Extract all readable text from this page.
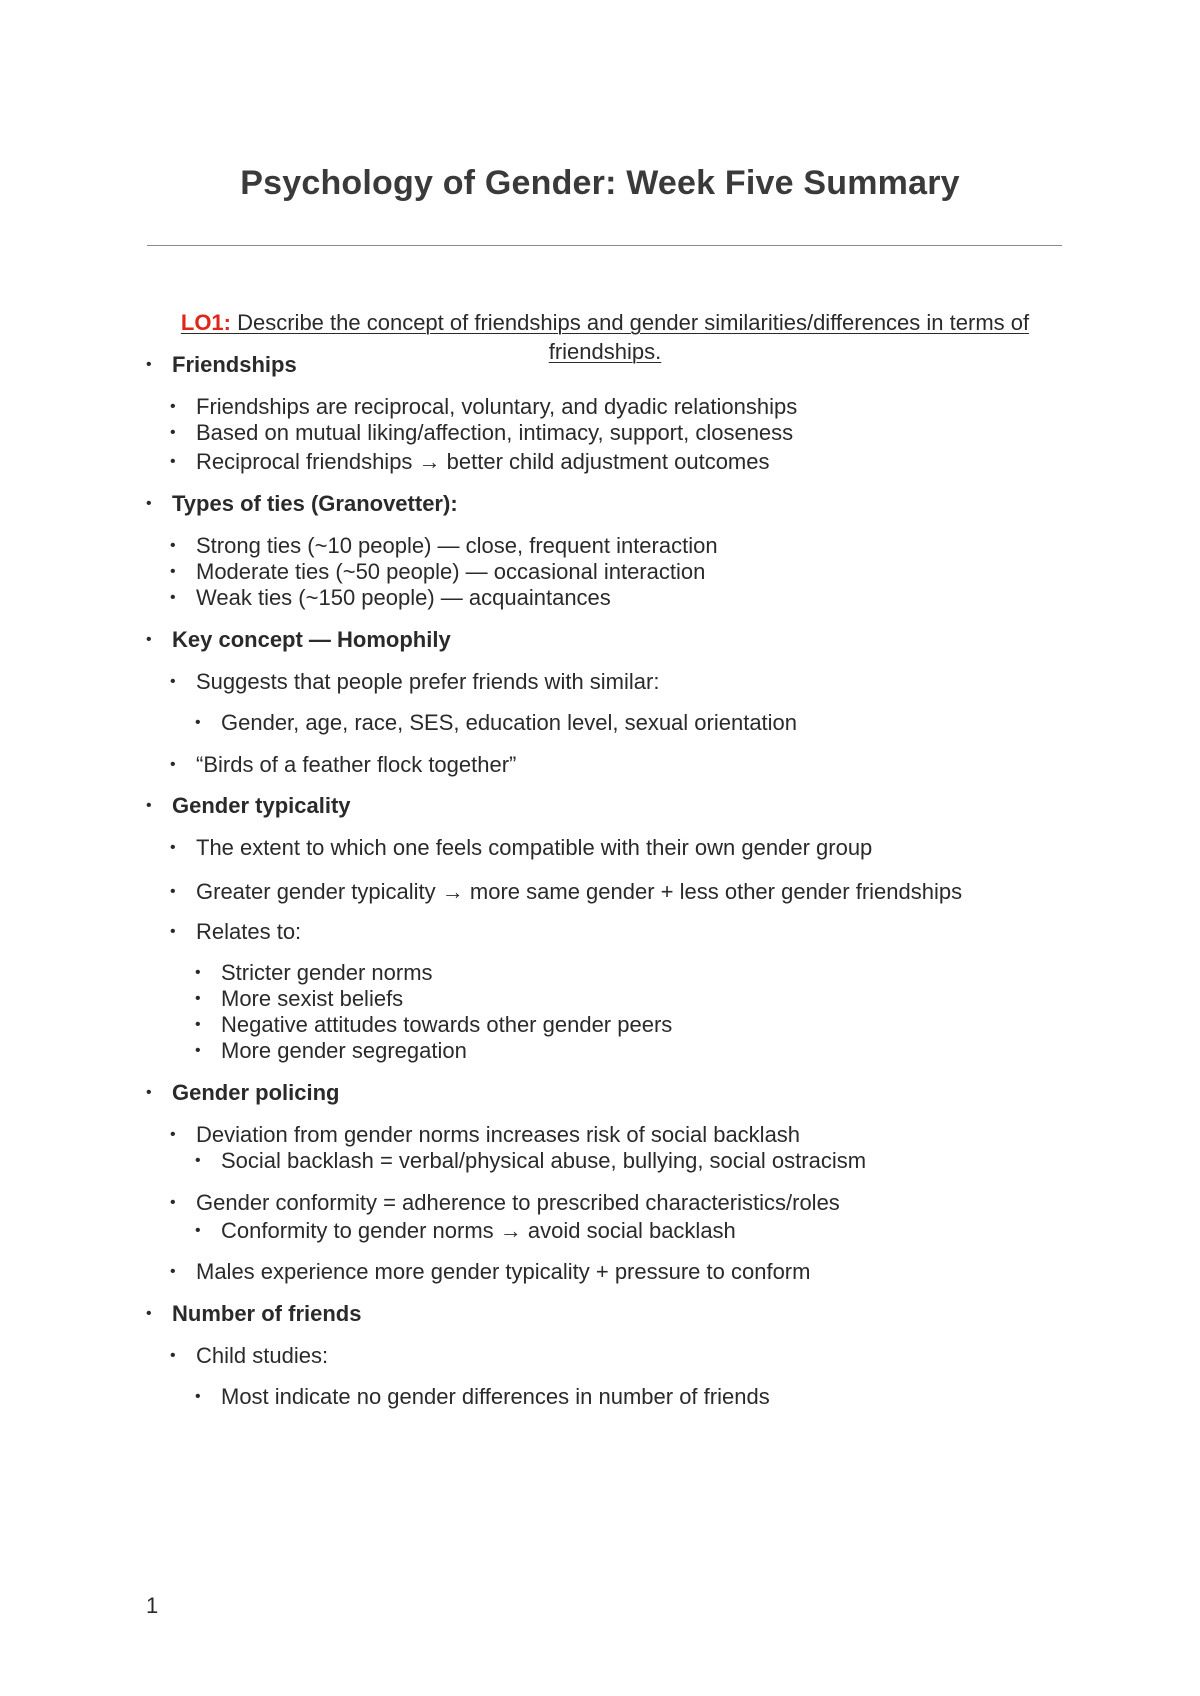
Psychology of Gender: Week Five Summary
LO1: Describe the concept of friendships and gender similarities/differences in terms of friendships.
• Friendships
• Friendships are reciprocal, voluntary, and dyadic relationships
• Based on mutual liking/affection, intimacy, support, closeness
• Reciprocal friendships → better child adjustment outcomes
• Types of ties (Granovetter):
• Strong ties (~10 people) — close, frequent interaction
• Moderate ties (~50 people) — occasional interaction
• Weak ties (~150 people) — acquaintances
• Key concept — Homophily
• Suggests that people prefer friends with similar:
• Gender, age, race, SES, education level, sexual orientation
• “Birds of a feather flock together”
• Gender typicality
• The extent to which one feels compatible with their own gender group
• Greater gender typicality → more same gender + less other gender friendships
• Relates to:
• Stricter gender norms
• More sexist beliefs
• Negative attitudes towards other gender peers
• More gender segregation
• Gender policing
• Deviation from gender norms increases risk of social backlash
• Social backlash = verbal/physical abuse, bullying, social ostracism
• Gender conformity = adherence to prescribed characteristics/roles
• Conformity to gender norms → avoid social backlash
• Males experience more gender typicality + pressure to conform
• Number of friends
• Child studies:
• Most indicate no gender differences in number of friends
1
